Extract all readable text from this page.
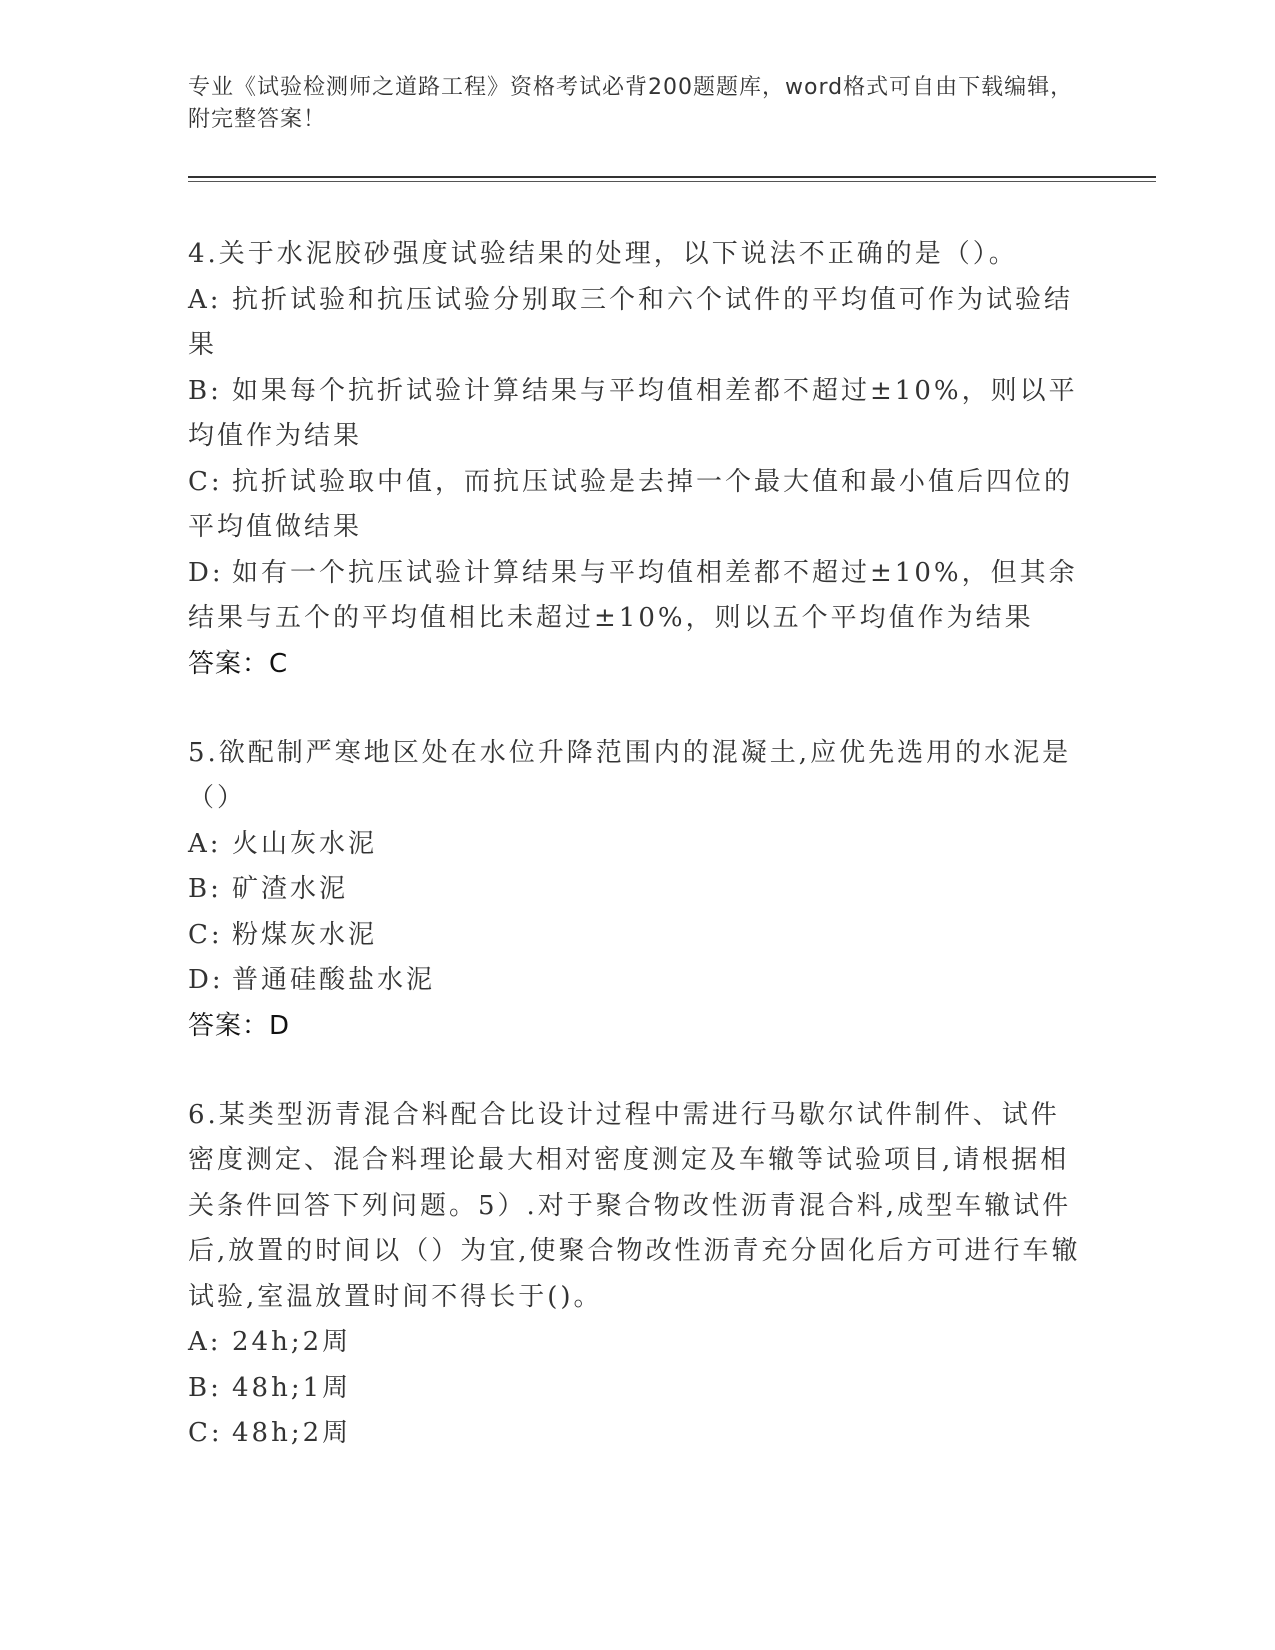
专业《试验检测师之道路工程》资格考试必背200题题库，word格式可自由下载编辑，附完整答案！
4.关于水泥胶砂强度试验结果的处理，以下说法不正确的是（）。
A: 抗折试验和抗压试验分别取三个和六个试件的平均值可作为试验结果
B: 如果每个抗折试验计算结果与平均值相差都不超过±10%，则以平均值作为结果
C: 抗折试验取中值，而抗压试验是去掉一个最大值和最小值后四位的平均值做结果
D: 如有一个抗压试验计算结果与平均值相差都不超过±10%，但其余结果与五个的平均值相比未超过±10%，则以五个平均值作为结果
答案：C
5.欲配制严寒地区处在水位升降范围内的混凝土,应优先选用的水泥是（）
A: 火山灰水泥
B: 矿渣水泥
C: 粉煤灰水泥
D: 普通硅酸盐水泥
答案：D
6.某类型沥青混合料配合比设计过程中需进行马歇尔试件制件、试件密度测定、混合料理论最大相对密度测定及车辙等试验项目,请根据相关条件回答下列问题。5）.对于聚合物改性沥青混合料,成型车辙试件后,放置的时间以（）为宜,使聚合物改性沥青充分固化后方可进行车辙试验,室温放置时间不得长于()。
A: 24h;2周
B: 48h;1周
C: 48h;2周
